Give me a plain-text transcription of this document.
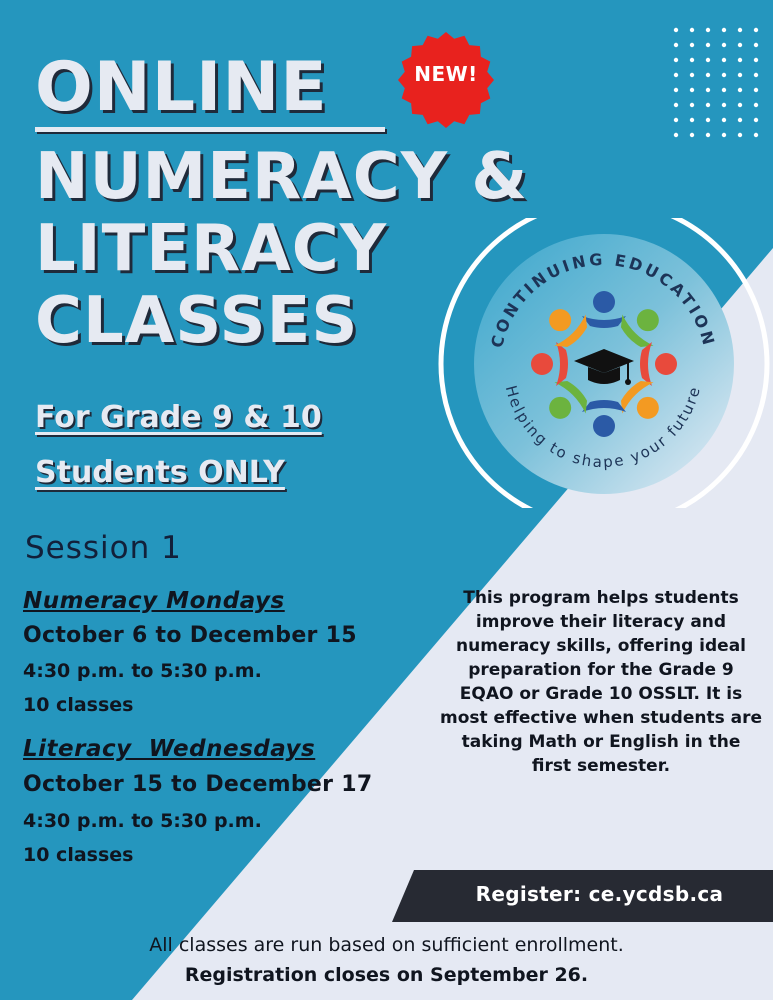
ONLINE
NUMERACY &
LITERACY
CLASSES
NEW!
For Grade 9 & 10
Students ONLY
CONTINUING EDUCATION
Helping to shape your future
Session 1
Numeracy Mondays
October 6 to December 15
4:30 p.m. to 5:30 p.m.
10 classes
Literacy  Wednesdays
October 15 to December 17
4:30 p.m. to 5:30 p.m.
10 classes
This program helps students improve their literacy and numeracy skills, offering ideal preparation for the Grade 9 EQAO or Grade 10 OSSLT. It is most effective when students are taking Math or English in the first semester.
Register: ce.ycdsb.ca
All classes are run based on sufficient enrollment.
Registration closes on September 26.
